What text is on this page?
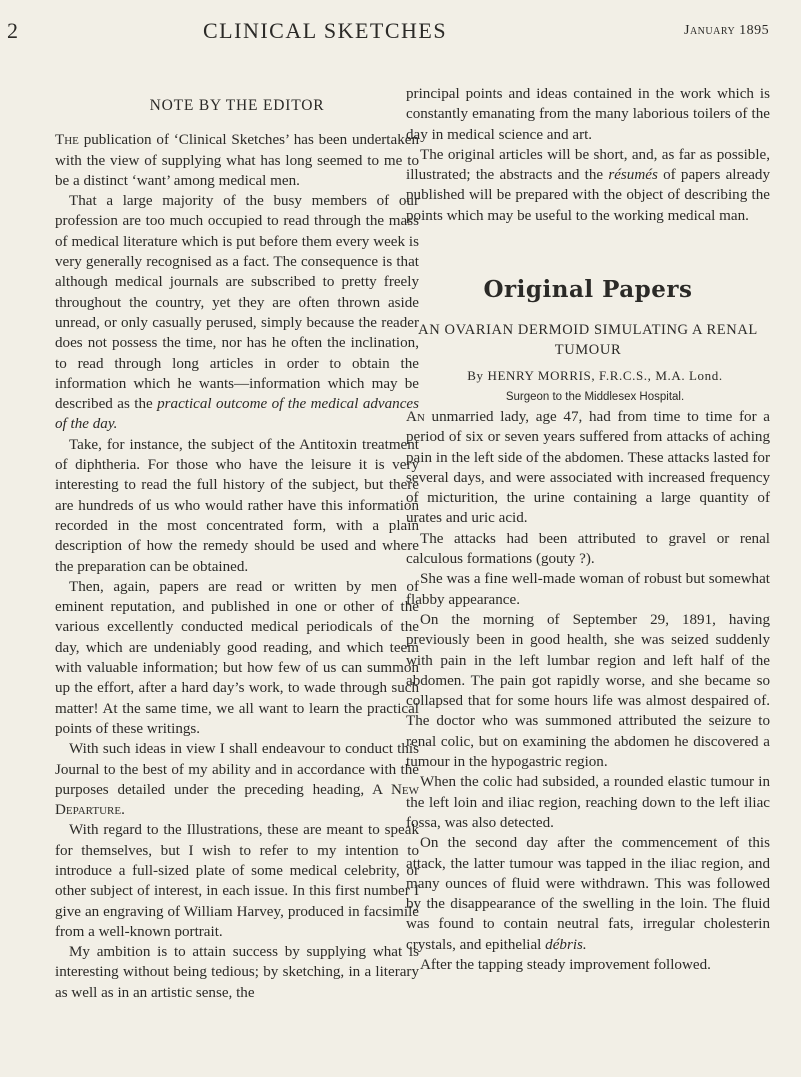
2	CLINICAL SKETCHES	January 1895
NOTE BY THE EDITOR

The publication of ‘Clinical Sketches’ has been undertaken with the view of supplying what has long seemed to me to be a distinct ‘want’ among medical men.

That a large majority of the busy members of our profession are too much occupied to read through the mass of medical literature which is put before them every week is very generally recognised as a fact. The consequence is that although medical journals are subscribed to pretty freely throughout the country, yet they are often thrown aside unread, or only casually perused, simply because the reader does not possess the time, nor has he often the inclination, to read through long articles in order to obtain the information which he wants—information which may be described as the practical outcome of the medical advances of the day.

Take, for instance, the subject of the Antitoxin treatment of diphtheria. For those who have the leisure it is very interesting to read the full history of the subject, but there are hundreds of us who would rather have this information recorded in the most concentrated form, with a plain description of how the remedy should be used and where the preparation can be obtained.

Then, again, papers are read or written by men of eminent reputation, and published in one or other of the various excellently conducted medical periodicals of the day, which are undeniably good reading, and which teem with valuable information; but how few of us can summon up the effort, after a hard day’s work, to wade through such matter! At the same time, we all want to learn the practical points of these writings.

With such ideas in view I shall endeavour to conduct this Journal to the best of my ability and in accordance with the purposes detailed under the preceding heading, A New Departure.

With regard to the Illustrations, these are meant to speak for themselves, but I wish to refer to my intention to introduce a full-sized plate of some medical celebrity, or other subject of interest, in each issue. In this first number I give an engraving of William Harvey, produced in facsimile from a well-known portrait.

My ambition is to attain success by supplying what is interesting without being tedious; by sketching, in a literary as well as in an artistic sense, the

principal points and ideas contained in the work which is constantly emanating from the many laborious toilers of the day in medical science and art.

The original articles will be short, and, as far as possible, illustrated; the abstracts and the résumés of papers already published will be prepared with the object of describing the points which may be useful to the working medical man.

Original Papers
AN OVARIAN DERMOID SIMULATING A RENAL TUMOUR

By HENRY MORRIS, F.R.C.S., M.A. Lond.

Surgeon to the Middlesex Hospital.

An unmarried lady, age 47, had from time to time for a period of six or seven years suffered from attacks of aching pain in the left side of the abdomen. These attacks lasted for several days, and were associated with increased frequency of micturition, the urine containing a large quantity of urates and uric acid.

The attacks had been attributed to gravel or renal calculous formations (gouty ?).

She was a fine well-made woman of robust but somewhat flabby appearance.

On the morning of September 29, 1891, having previously been in good health, she was seized suddenly with pain in the left lumbar region and left half of the abdomen. The pain got rapidly worse, and she became so collapsed that for some hours life was almost despaired of. The doctor who was summoned attributed the seizure to renal colic, but on examining the abdomen he discovered a tumour in the hypogastric region.

When the colic had subsided, a rounded elastic tumour in the left loin and iliac region, reaching down to the left iliac fossa, was also detected.

On the second day after the commencement of this attack, the latter tumour was tapped in the iliac region, and many ounces of fluid were withdrawn. This was followed by the disappearance of the swelling in the loin. The fluid was found to contain neutral fats, irregular cholesterin crystals, and epithelial débris.

After the tapping steady improvement followed.
